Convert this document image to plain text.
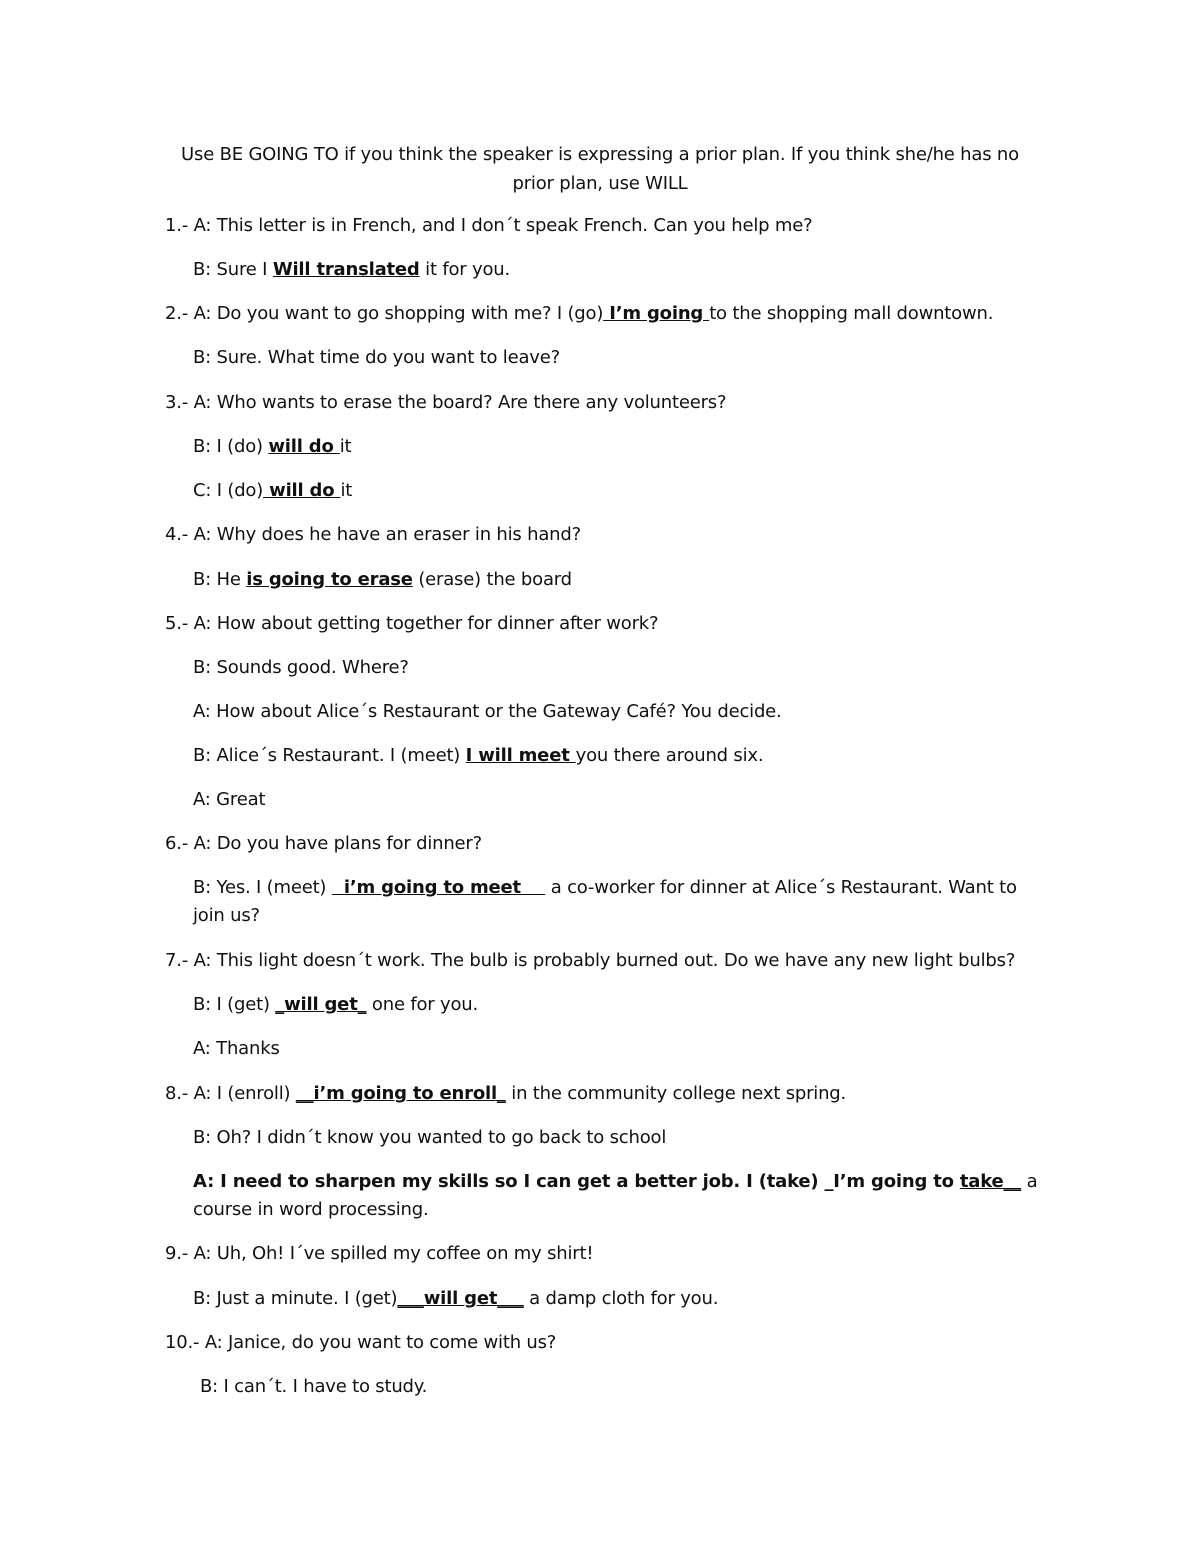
Use BE GOING TO if you think the speaker is expressing a prior plan. If you think she/he has no prior plan, use WILL
1.- A: This letter is in French, and I don´t speak French. Can you help me?
B: Sure I Will translated it for you.
2.- A: Do you want to go shopping with me? I (go) I’m going to the shopping mall downtown.
B: Sure. What time do you want to leave?
3.- A: Who wants to erase the board? Are there any volunteers?
B: I (do) will do it
C: I (do) will do it
4.- A: Why does he have an eraser in his hand?
B: He is going to erase (erase) the board
5.- A: How about getting together for dinner after work?
B: Sounds good. Where?
A: How about Alice´s Restaurant or the Gateway Café? You decide.
B: Alice´s Restaurant. I (meet) I will meet you there around six.
A: Great
6.- A: Do you have plans for dinner?
B: Yes. I (meet)   i’m going to meet     a co-worker for dinner at Alice´s Restaurant. Want to join us?
7.- A: This light doesn´t work. The bulb is probably burned out. Do we have any new light bulbs?
B: I (get) _will get_ one for you.
A: Thanks
8.- A: I (enroll) __i’m going to enroll_ in the community college next spring.
B: Oh? I didn´t know you wanted to go back to school
A: I need to sharpen my skills so I can get a better job. I (take) _I’m going to take__ a course in word processing.
9.- A: Uh, Oh! I´ve spilled my coffee on my shirt!
B: Just a minute. I (get)___will get___ a damp cloth for you.
10.- A: Janice, do you want to come with us?
B: I can´t. I have to study.
